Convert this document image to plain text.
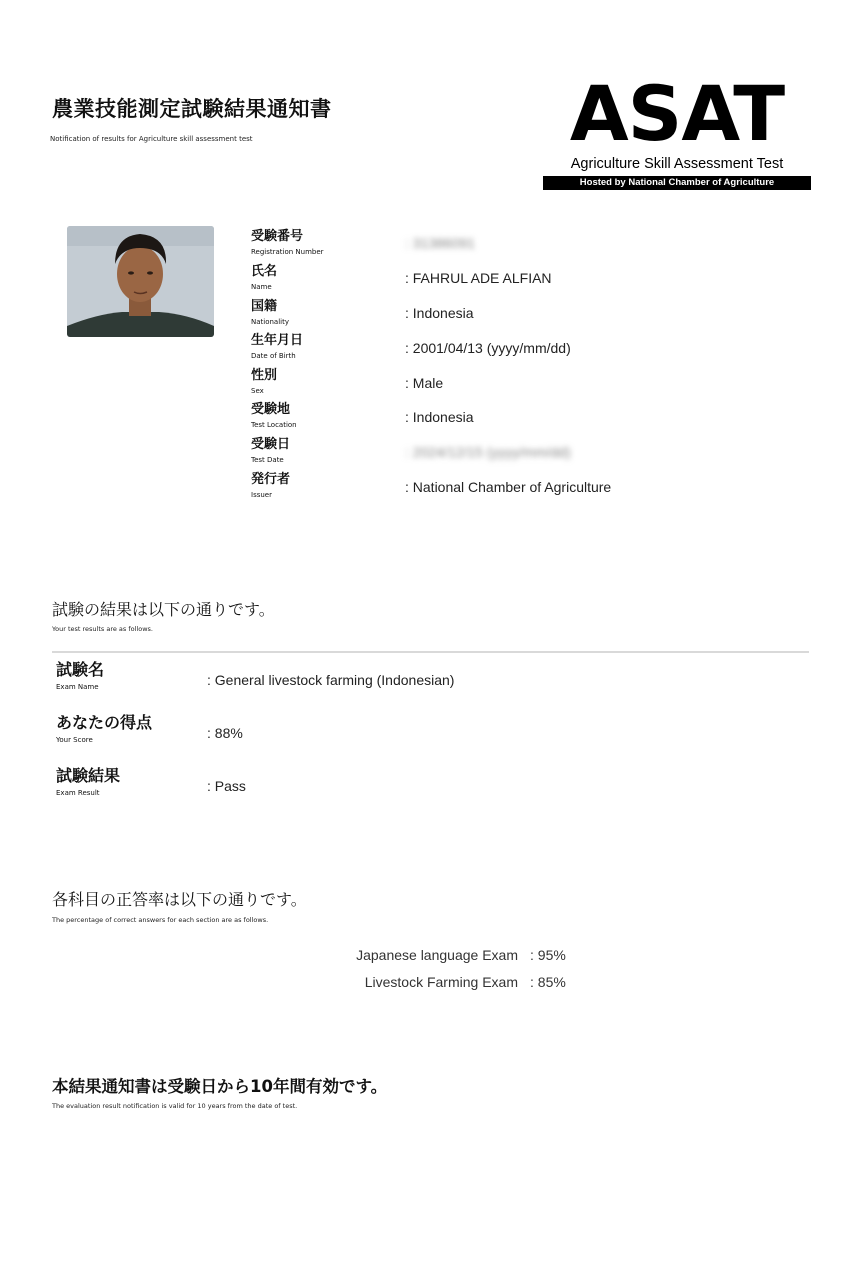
農業技能測定試験結果通知書
Notification of results for Agriculture skill assessment test	ASAT
Agriculture Skill Assessment Test
Hosted by National Chamber of Agriculture
受験番号
Registration Number
: 31386091
氏名
Name
: FAHRUL ADE ALFIAN
国籍
Nationality
: Indonesia
生年月日
Date of Birth	: 2001/04/13 (yyyy/mm/dd)
性別
Sex	: Male
受験地
Test Location	: Indonesia
受験日
Test Date	: 2024/12/15 (yyyy/mm/dd)
発行者
Issuer	: National Chamber of Agriculture
試験の結果は以下の通りです。
Your test results are as follows.
試験名
Exam Name	: General livestock farming (Indonesian)
あなたの得点
Your Score	: 88%
試験結果
Exam Result	: Pass
各科目の正答率は以下の通りです。
The percentage of correct answers for each section are as follows.
Japanese language Exam : 95%
Livestock Farming Exam : 85%
本結果通知書は受験日から10年間有効です。
The evaluation result notification is valid for 10 years from the date of test.
